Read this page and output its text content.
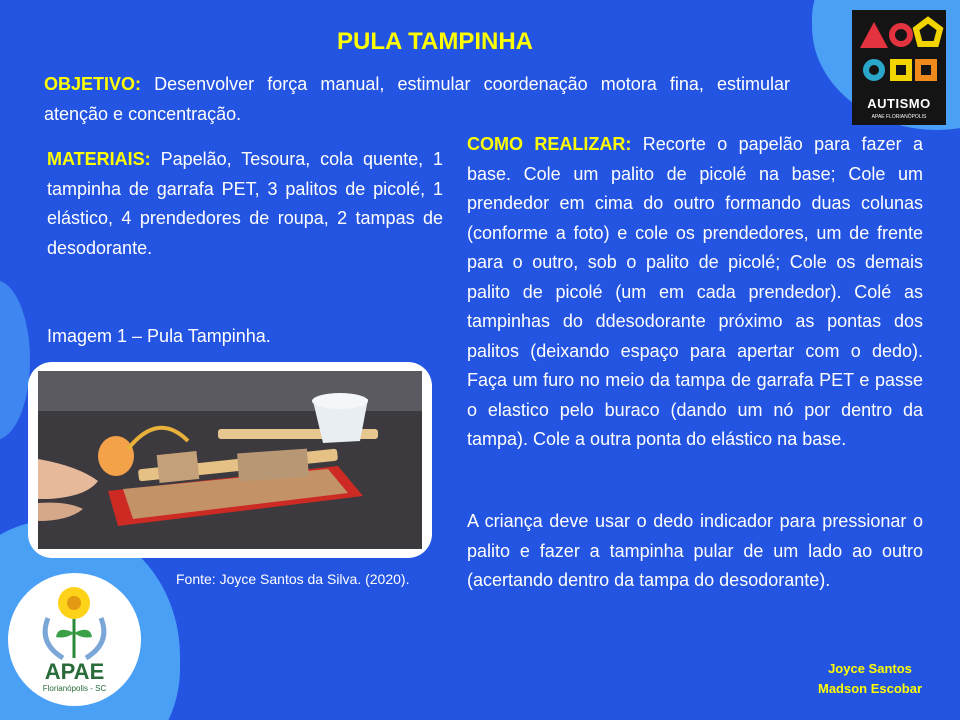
PULA TAMPINHA
OBJETIVO: Desenvolver força manual, estimular coordenação motora fina, estimular atenção e concentração.
MATERIAIS: Papelão, Tesoura, cola quente, 1 tampinha de garrafa PET, 3 palitos de picolé, 1 elástico, 4 prendedores de roupa, 2 tampas de desodorante.
COMO REALIZAR: Recorte o papelão para fazer a base. Cole um palito de picolé na base; Cole um prendedor em cima do outro formando duas colunas (conforme a foto) e cole os prendedores, um de frente para o outro, sob o palito de picolé; Cole os demais palito de picolé (um em cada prendedor). Colé as tampinhas do ddesodorante próximo as pontas dos palitos (deixando espaço para apertar com o dedo). Faça um furo no meio da tampa de garrafa PET e passe o elastico pelo buraco (dando um nó por dentro da tampa). Cole a outra ponta do elástico na base.
A criança deve usar o dedo indicador para pressionar o palito e fazer a tampinha pular de um lado ao outro (acertando dentro da tampa do desodorante).
Imagem 1 – Pula Tampinha.
Fonte: Joyce Santos da Silva. (2020).
AUTISMO
APAE FLORIANÓPOLIS
APAE
Florianópolis - SC
Joyce Santos
Madson Escobar
